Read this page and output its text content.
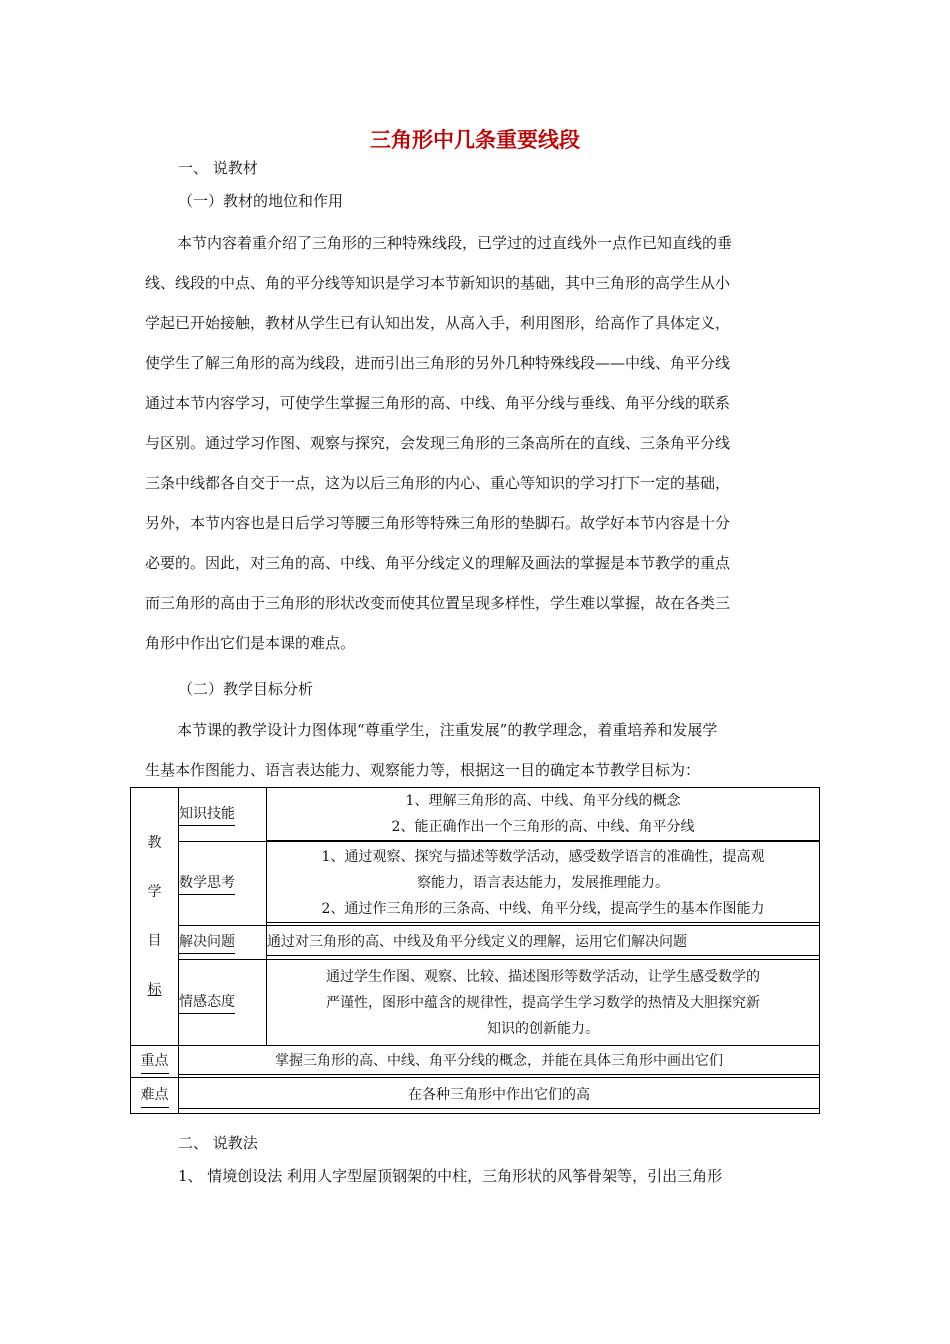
三角形中几条重要线段
一、 说教材
（一）教材的地位和作用
本节内容着重介绍了三角形的三种特殊线段，已学过的过直线外一点作已知直线的垂
线、线段的中点、角的平分线等知识是学习本节新知识的基础，其中三角形的高学生从小
学起已开始接触，教材从学生已有认知出发，从高入手，利用图形，给高作了具体定义，
使学生了解三角形的高为线段，进而引出三角形的另外几种特殊线段——中线、角平分线
通过本节内容学习，可使学生掌握三角形的高、中线、角平分线与垂线、角平分线的联系
与区别。通过学习作图、观察与探究，会发现三角形的三条高所在的直线、三条角平分线
三条中线都各自交于一点，这为以后三角形的内心、重心等知识的学习打下一定的基础，
另外，本节内容也是日后学习等腰三角形等特殊三角形的垫脚石。故学好本节内容是十分
必要的。因此，对三角的高、中线、角平分线定义的理解及画法的掌握是本节教学的重点
而三角形的高由于三角形的形状改变而使其位置呈现多样性，学生难以掌握，故在各类三
角形中作出它们是本课的难点。
（二）教学目标分析
本节课的教学设计力图体现“尊重学生，注重发展”的教学理念，着重培养和发展学
生基本作图能力、语言表达能力、观察能力等，根据这一目的确定本节教学目标为：
教
学
目
标	知识技能	1、理解三角形的高、中线、角平分线的概念
2、能正确作出一个三角形的高、中线、角平分线

	数学思考	1、通过观察、探究与描述等数学活动，感受数学语言的准确性，提高观
察能力，语言表达能力，发展推理能力。
2、通过作三角形的三条高、中线、角平分线，提高学生的基本作图能力

	解决问题	通过对三角形的高、中线及角平分线定义的理解，运用它们解决问题

	情感态度	通过学生作图、观察、比较、描述图形等数学活动，让学生感受数学的
严谨性，图形中蕴含的规律性，提高学生学习数学的热情及大胆探究新
知识的创新能力。

重点	掌握三角形的高、中线、角平分线的概念，并能在具体三角形中画出它们	

难点	在各种三角形中作出它们的高	
二、 说教法
1、 情境创设法 利用人字型屋顶钢架的中柱，三角形状的风筝骨架等，引出三角形
